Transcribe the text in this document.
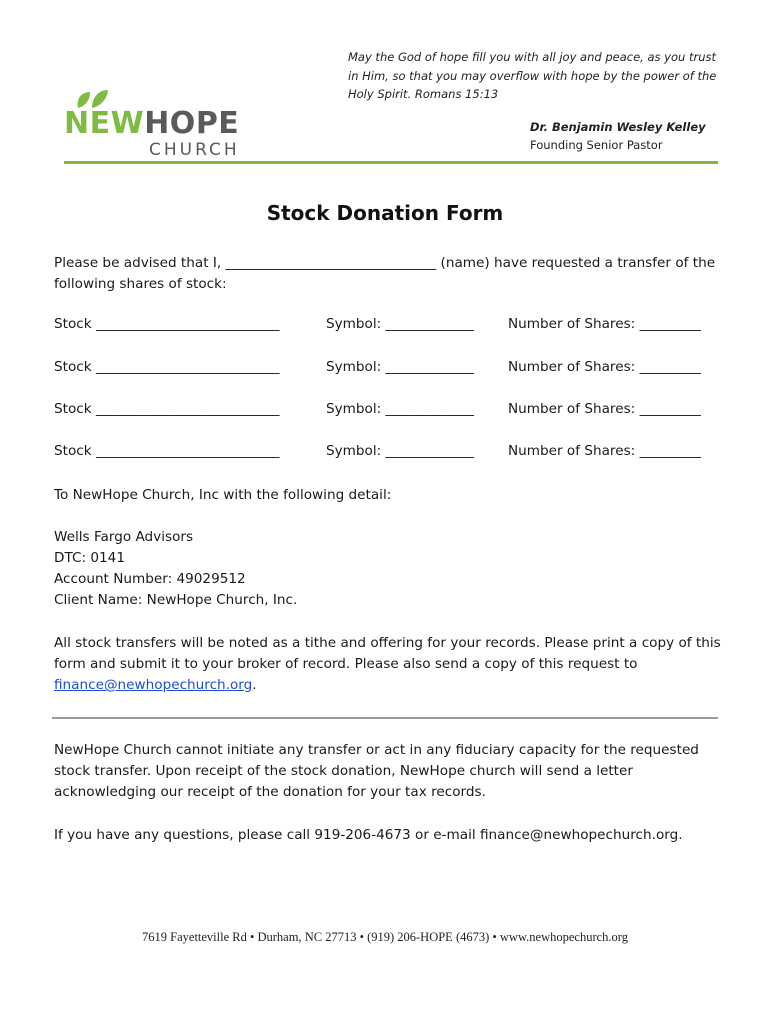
NEWHOPE
CHURCH
May the God of hope fill you with all joy and peace, as you trust in Him, so that you may overflow with hope by the power of the Holy Spirit. Romans 15:13
Dr. Benjamin Wesley Kelley
Founding Senior Pastor
Stock Donation Form
Please be advised that I, _______________________________ (name) have requested a transfer of the following shares of stock:
Stock ___________________________	Symbol: _____________	Number of Shares: _________
Stock ___________________________	Symbol: _____________	Number of Shares: _________
Stock ___________________________	Symbol: _____________	Number of Shares: _________
Stock ___________________________	Symbol: _____________	Number of Shares: _________
To NewHope Church, Inc with the following detail:
Wells Fargo Advisors
DTC: 0141
Account Number: 49029512
Client Name: NewHope Church, Inc.
All stock transfers will be noted as a tithe and offering for your records. Please print a copy of this form and submit it to your broker of record. Please also send a copy of this request to finance@newhopechurch.org.
NewHope Church cannot initiate any transfer or act in any fiduciary capacity for the requested stock transfer. Upon receipt of the stock donation, NewHope church will send a letter acknowledging our receipt of the donation for your tax records.
If you have any questions, please call 919-206-4673 or e-mail finance@newhopechurch.org.
7619 Fayetteville Rd • Durham, NC 27713 • (919) 206-HOPE (4673) • www.newhopechurch.org
